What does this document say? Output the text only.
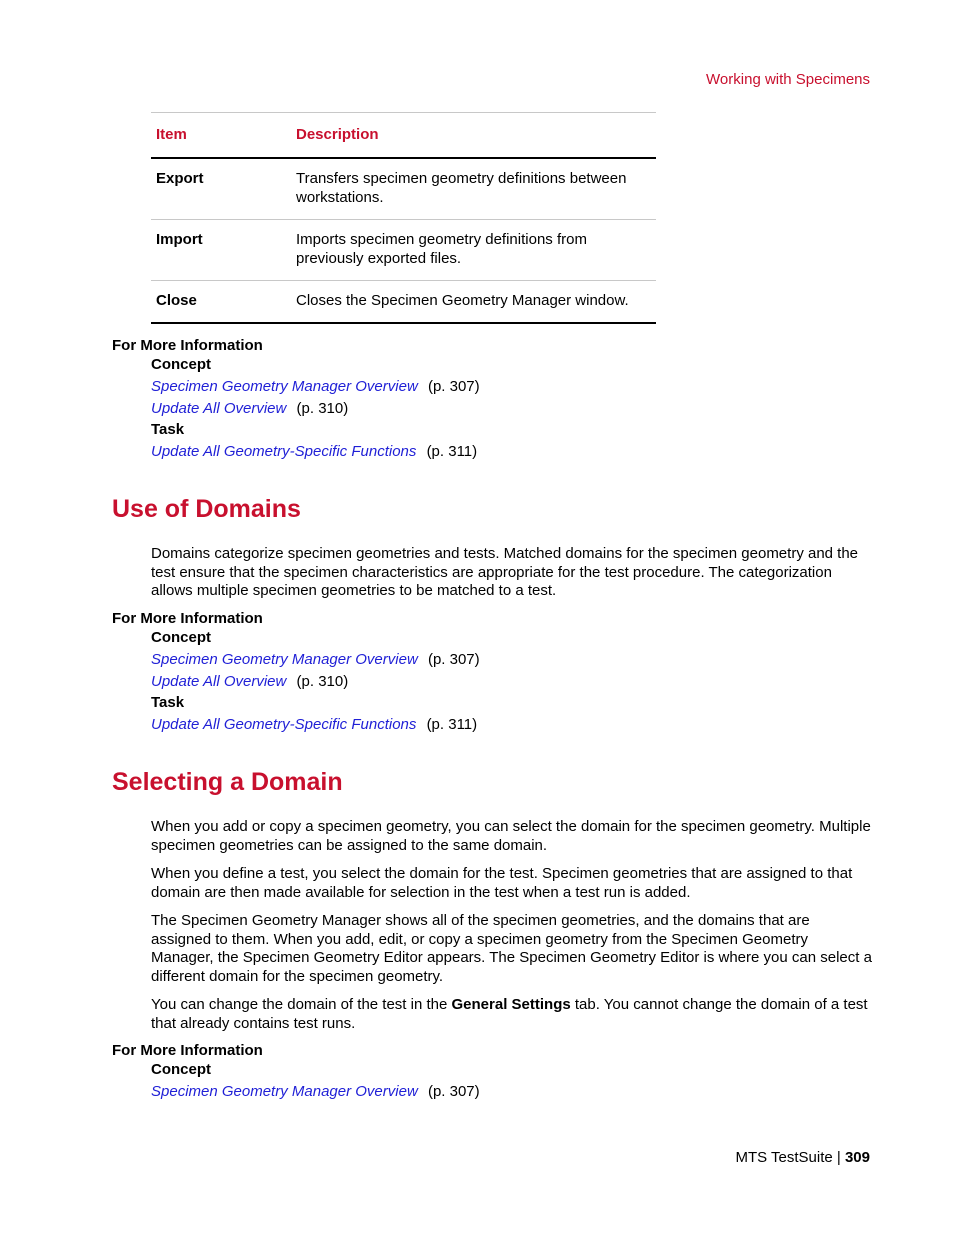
Working with Specimens
Item	Description
Export	Transfers specimen geometry definitions between
workstations.
Import	Imports specimen geometry definitions from
previously exported files.
Close	Closes the Specimen Geometry Manager window.
For More Information
Concept
Specimen Geometry Manager Overview (p. 307)
Update All Overview (p. 310)
Task
Update All Geometry-Specific Functions (p. 311)
Use of Domains

Domains categorize specimen geometries and tests. Matched domains for the specimen geometry and the test ensure that the specimen characteristics are appropriate for the test procedure. The categorization allows multiple specimen geometries to be matched to a test.

For More Information
Concept
Specimen Geometry Manager Overview (p. 307)
Update All Overview (p. 310)
Task
Update All Geometry-Specific Functions (p. 311)
Selecting a Domain

When you add or copy a specimen geometry, you can select the domain for the specimen geometry. Multiple specimen geometries can be assigned to the same domain.

When you define a test, you select the domain for the test. Specimen geometries that are assigned to that domain are then made available for selection in the test when a test run is added.

The Specimen Geometry Manager shows all of the specimen geometries, and the domains that are assigned to them. When you add, edit, or copy a specimen geometry from the Specimen Geometry Manager, the Specimen Geometry Editor appears. The Specimen Geometry Editor is where you can select a different domain for the specimen geometry.

You can change the domain of the test in the General Settings tab. You cannot change the domain of a test that already contains test runs.

For More Information
Concept
Specimen Geometry Manager Overview (p. 307)
MTS TestSuite | 309
